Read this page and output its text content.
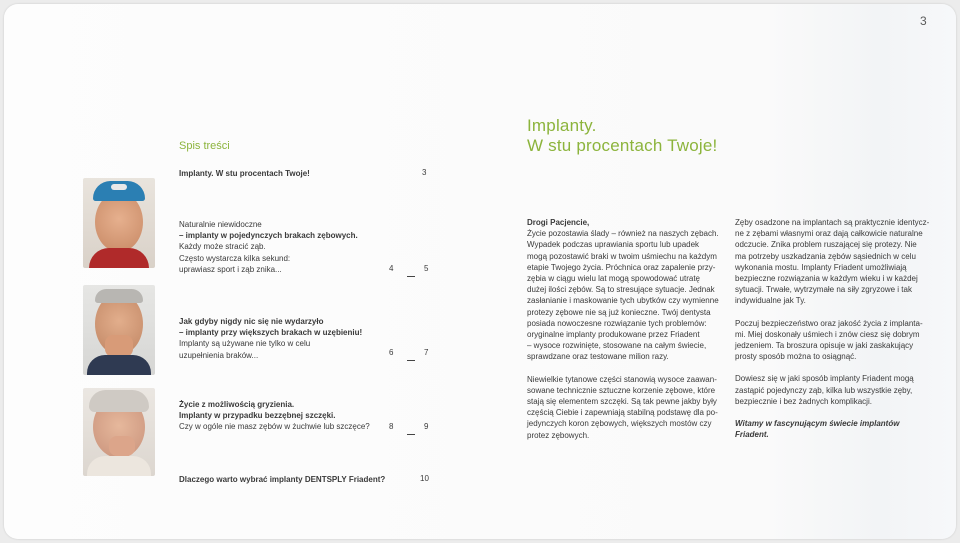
3
Spis treści
Implanty. W stu procentach Twoje!	3
Naturalnie niewidoczne
– implanty w pojedynczych brakach zębowych.
Każdy może stracić ząb.
Często wystarcza kilka sekund:
uprawiasz sport i ząb znika...	4	5
Jak gdyby nigdy nic się nie wydarzyło
– implanty przy większych brakach w uzębieniu!
Implanty są używane nie tylko w celu
uzupełnienia braków...	6	7
Życie z możliwością gryzienia.
Implanty w przypadku bezzębnej szczęki.
Czy w ogóle nie masz zębów w żuchwie lub szczęce? 8	9
Dlaczego warto wybrać implanty DENTSPLY Friadent?	10
Implanty.
W stu procentach Twoje!

Drogi Pacjencie,
Życie pozostawia ślady – również na naszych zębach.
Wypadek podczas uprawiania sportu lub upadek
mogą pozostawić braki w twoim uśmiechu na każdym
etapie Twojego życia. Próchnica oraz zapalenie przy-
zębia w ciągu wielu lat mogą spowodować utratę
dużej ilości zębów. Są to stresujące sytuacje. Jednak
zasłanianie i maskowanie tych ubytków czy wymienne
protezy zębowe nie są już konieczne. Twój dentysta
posiada nowoczesne rozwiązanie tych problemów:
oryginalne implanty produkowane przez Friadent
– wysoce rozwinięte, stosowane na całym świecie,
sprawdzane oraz testowane milion razy.

Niewielkie tytanowe części stanowią wysoce zaawan-
sowane technicznie sztuczne korzenie zębowe, które
stają się elementem szczęki. Są tak pewne jakby były
częścią Ciebie i zapewniają stabilną podstawę dla po-
jedynczych koron zębowych, większych mostów czy
protez zębowych.

Zęby osadzone na implantach są praktycznie identycz-
ne z zębami własnymi oraz dają całkowicie naturalne
odczucie. Znika problem ruszającej się protezy. Nie
ma potrzeby uszkadzania zębów sąsiednich w celu
wykonania mostu. Implanty Friadent umożliwiają
bezpieczne rozwiązania w każdym wieku i w każdej
sytuacji. Trwałe, wytrzymałe na siły zgryzowe i tak
indywidualne jak Ty.

Poczuj bezpieczeństwo oraz jakość życia z implanta-
mi. Miej doskonały uśmiech i znów ciesz się dobrym
jedzeniem. Ta broszura opisuje w jaki zaskakujący
prosty sposób można to osiągnąć.

Dowiesz się w jaki sposób implanty Friadent mogą
zastąpić pojedynczy ząb, kilka lub wszystkie zęby,
bezpiecznie i bez żadnych komplikacji.

Witamy w fascynującym świecie implantów Friadent.
